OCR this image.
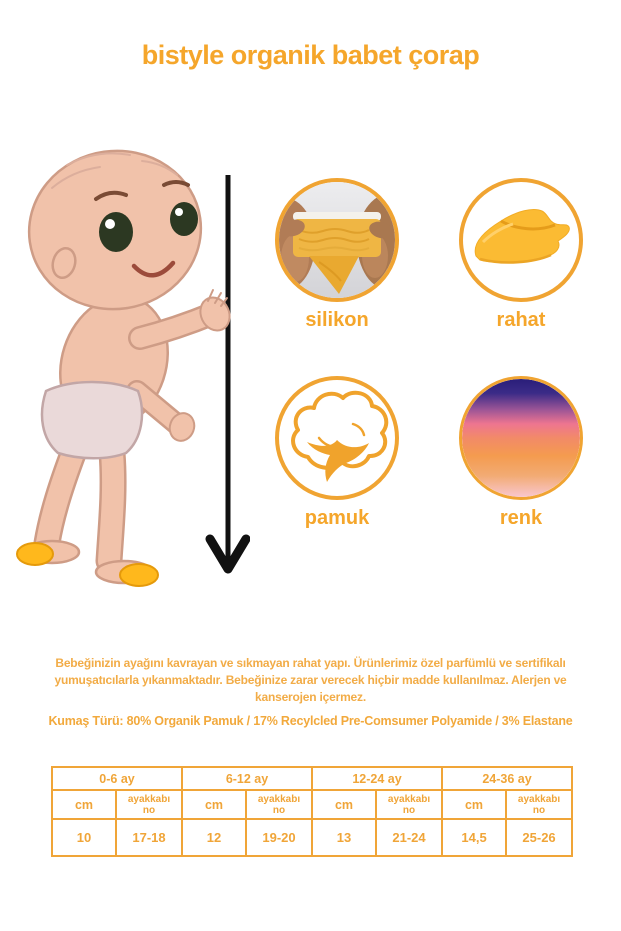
bistyle organik babet çorap
silikon	rahat
pamuk	renk
Bebeğinizin ayağını kavrayan ve sıkmayan rahat yapı. Ürünlerimiz özel parfümlü ve sertifikalı
yumuşatıcılarla yıkanmaktadır. Bebeğinize zarar verecek hiçbir madde kullanılmaz. Alerjen ve
kanserojen içermez.
Kumaş Türü: 80% Organik Pamuk / 17% Recylcled Pre-Comsumer Polyamide / 3% Elastane
0-6 ay		6-12 ay		12-24 ay		24-36 ay	
cm	ayakkabı no	cm	ayakkabı no	cm	ayakkabı no	cm	ayakkabı no
10	17-18	12	19-20	13	21-24	14,5	25-26
